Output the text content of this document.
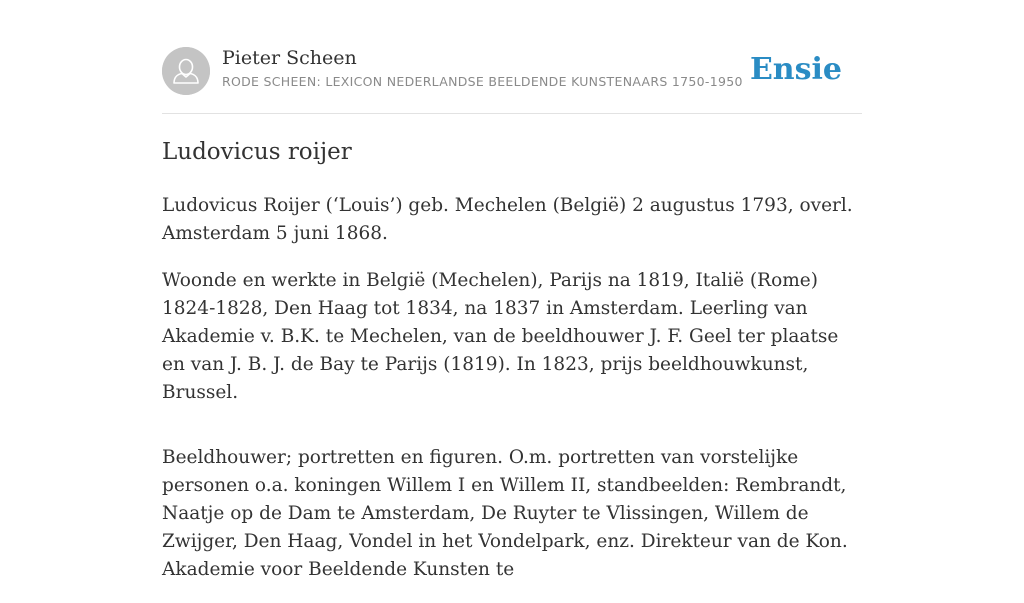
Pieter Scheen
RODE SCHEEN: LEXICON NEDERLANDSE BEELDENDE KUNSTENAARS 1750-1950 Ensie
Ludovicus roijer

Ludovicus Roijer (‘Louis’) geb. Mechelen (België) 2 augustus 1793, overl. Amsterdam 5 juni 1868.

Woonde en werkte in België (Mechelen), Parijs na 1819, Italië (Rome) 1824-1828, Den Haag tot 1834, na 1837 in Amsterdam. Leerling van Akademie v. B.K. te Mechelen, van de beeldhouwer J. F. Geel ter plaatse en van J. B. J. de Bay te Parijs (1819). In 1823, prijs beeldhouwkunst, Brussel.

Beeldhouwer; portretten en figuren. O.m. portretten van vorstelijke personen o.a. koningen Willem I en Willem II, standbeelden: Rembrandt, Naatje op de Dam te Amsterdam, De Ruyter te Vlissingen, Willem de Zwijger, Den Haag, Vondel in het Vondelpark, enz. Direkteur van de Kon. Akademie voor Beeldende Kunsten te
